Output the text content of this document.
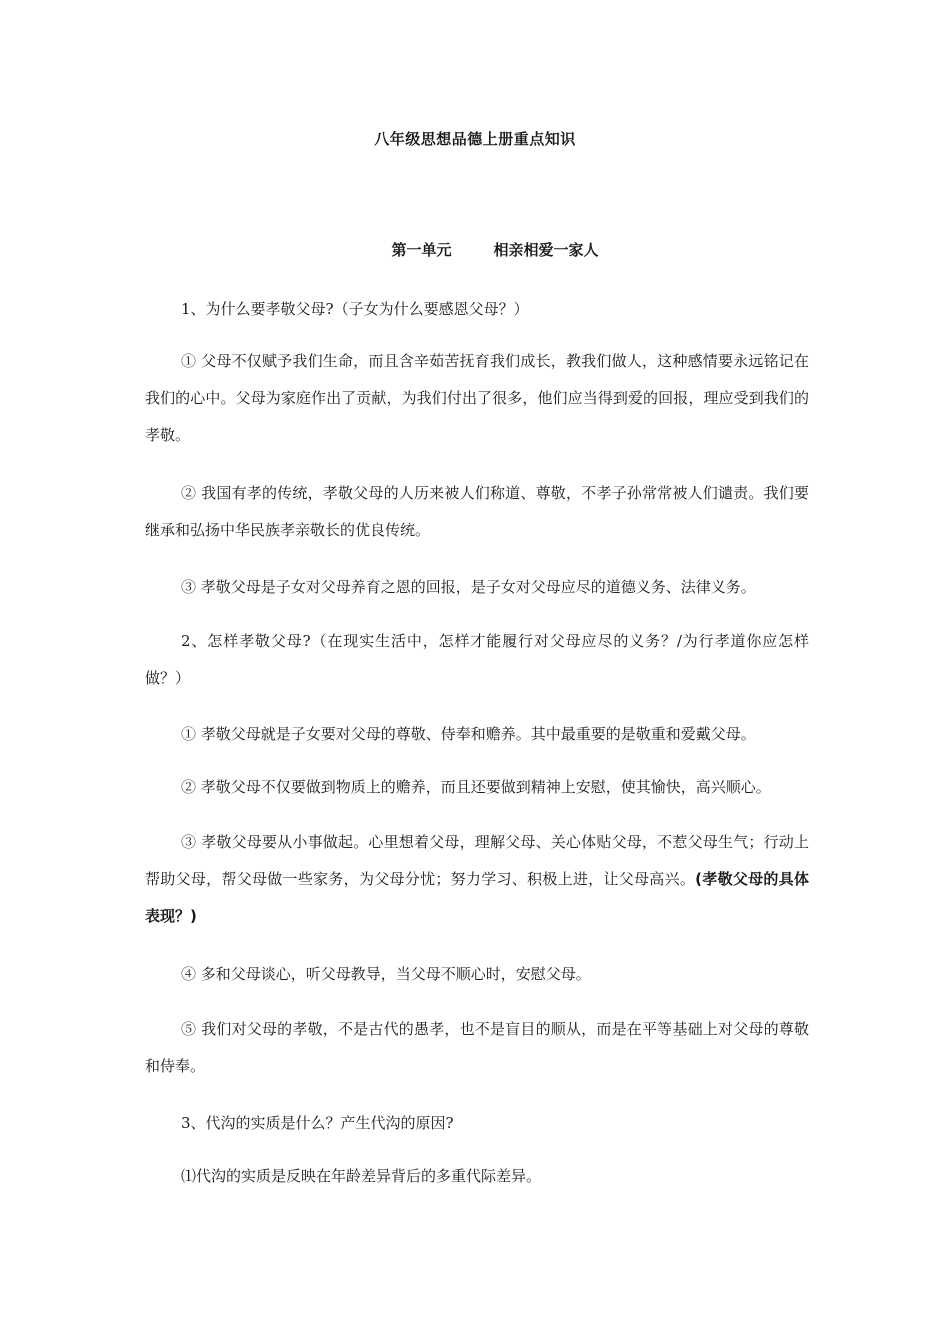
八年级思想品德上册重点知识
第一单元	相亲相爱一家人
1、为什么要孝敬父母?（子女为什么要感恩父母？）
① 父母不仅赋予我们生命，而且含辛茹苦抚育我们成长，教我们做人，这种感情要永远铭记在我们的心中。父母为家庭作出了贡献，为我们付出了很多，他们应当得到爱的回报，理应受到我们的孝敬。
② 我国有孝的传统，孝敬父母的人历来被人们称道、尊敬，不孝子孙常常被人们谴责。我们要继承和弘扬中华民族孝亲敬长的优良传统。
③ 孝敬父母是子女对父母养育之恩的回报，是子女对父母应尽的道德义务、法律义务。
2、怎样孝敬父母?（在现实生活中，怎样才能履行对父母应尽的义务？/为行孝道你应怎样做？）
① 孝敬父母就是子女要对父母的尊敬、侍奉和赡养。其中最重要的是敬重和爱戴父母。
② 孝敬父母不仅要做到物质上的赡养，而且还要做到精神上安慰，使其愉快，高兴顺心。
③ 孝敬父母要从小事做起。心里想着父母，理解父母、关心体贴父母，不惹父母生气；行动上帮助父母，帮父母做一些家务，为父母分忧；努力学习、积极上进，让父母高兴。(孝敬父母的具体表现？)
④ 多和父母谈心，听父母教导，当父母不顺心时，安慰父母。
⑤ 我们对父母的孝敬，不是古代的愚孝，也不是盲目的顺从，而是在平等基础上对父母的尊敬和侍奉。
3、代沟的实质是什么？产生代沟的原因?
⑴代沟的实质是反映在年龄差异背后的多重代际差异。
